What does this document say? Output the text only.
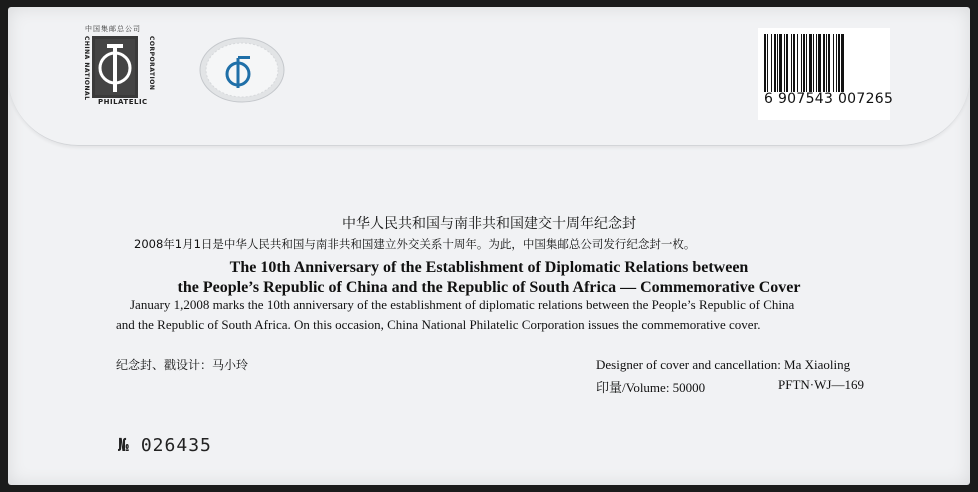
中国集邮总公司
CHINA NATIONAL	CORPORATION
PHILATELIC	6 907543 007265
中华人民共和国与南非共和国建交十周年纪念封
2008年1月1日是中华人民共和国与南非共和国建立外交关系十周年。为此，中国集邮总公司发行纪念封一枚。
The 10th Anniversary of the Establishment of Diplomatic Relations between
the People’s Republic of China and the Republic of South Africa — Commemorative Cover
January 1,2008 marks the 10th anniversary of the establishment of diplomatic relations between the People’s Republic of China
and the Republic of South Africa. On this occasion, China National Philatelic Corporation issues the commemorative cover.
纪念封、戳设计：马小玲	Designer of cover and cancellation: Ma Xiaoling
印量/Volume: 50000	PFTN·WJ—169
№ 026435
